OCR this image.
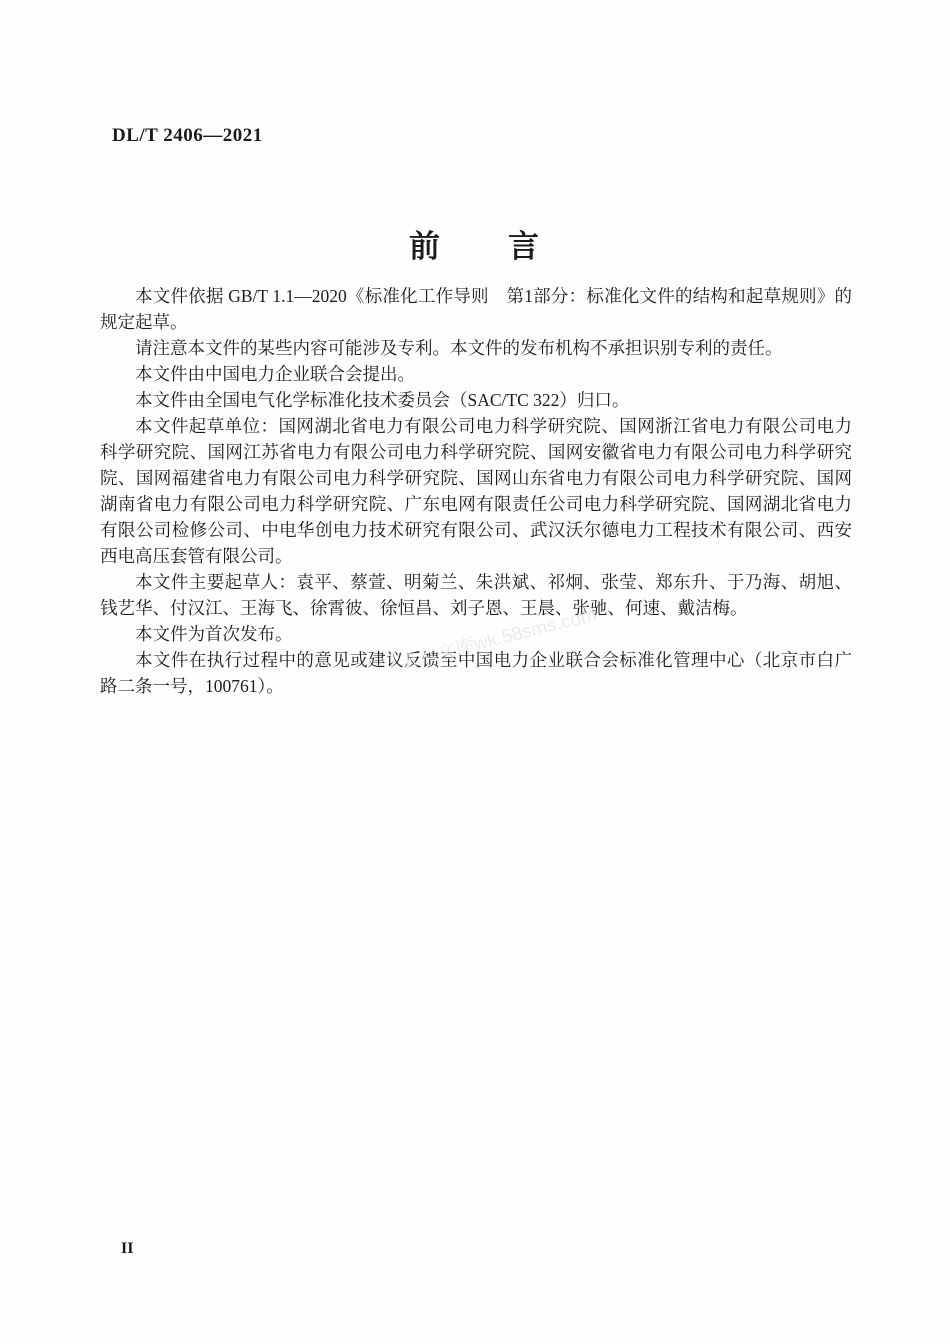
DL/T 2406—2021
前　　言

本文件依据 GB/T 1.1—2020《标准化工作导则　第1部分：标准化文件的结构和起草规则》的规定起草。

请注意本文件的某些内容可能涉及专利。本文件的发布机构不承担识别专利的责任。

本文件由中国电力企业联合会提出。

本文件由全国电气化学标准化技术委员会（SAC/TC 322）归口。

本文件起草单位：国网湖北省电力有限公司电力科学研究院、国网浙江省电力有限公司电力科学研究院、国网江苏省电力有限公司电力科学研究院、国网安徽省电力有限公司电力科学研究院、国网福建省电力有限公司电力科学研究院、国网山东省电力有限公司电力科学研究院、国网湖南省电力有限公司电力科学研究院、广东电网有限责任公司电力科学研究院、国网湖北省电力有限公司检修公司、中电华创电力技术研究有限公司、武汉沃尔德电力工程技术有限公司、西安西电高压套管有限公司。

本文件主要起草人：袁平、蔡萱、明菊兰、朱洪斌、祁炯、张莹、郑东升、于乃海、胡旭、钱艺华、付汉江、王海飞、徐霄彼、徐恒昌、刘子恩、王晨、张驰、何速、戴洁梅。

本文件为首次发布。

本文件在执行过程中的意见或建议反馈至中国电力企业联合会标准化管理中心（北京市白广路二条一号，100761）。

五八文库wk.58sms.com
II
